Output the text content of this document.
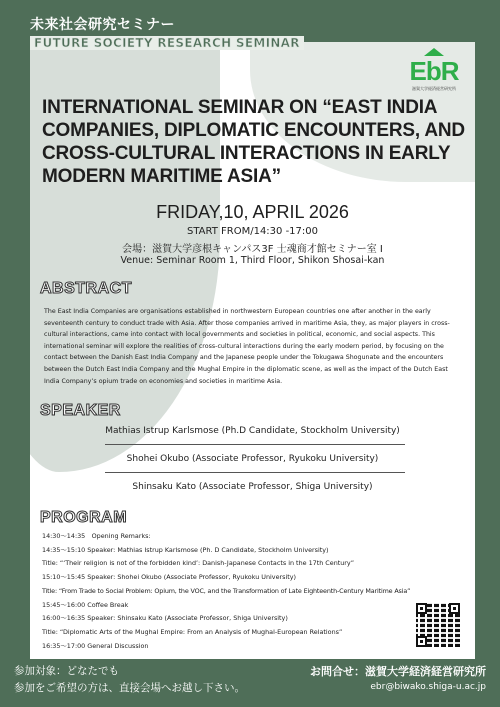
未来社会研究セミナー
FUTURE SOCIETY RESEARCH SEMINAR
EbR
滋賀大学経済経営研究所
INTERNATIONAL SEMINAR ON “EAST INDIA COMPANIES, DIPLOMATIC ENCOUNTERS, AND CROSS-CULTURAL INTERACTIONS IN EARLY MODERN MARITIME ASIA”
FRIDAY,10, APRIL 2026
START FROM/14:30 -17:00
会場：滋賀大学彦根キャンパス3F 士魂商才館セミナー室 I
Venue: Seminar Room 1, Third Floor, Shikon Shosai-kan
ABSTRACT
The East India Companies are organisations established in northwestern European countries one after another in the early seventeenth century to conduct trade with Asia. After those companies arrived in maritime Asia, they, as major players in cross-cultural interactions, came into contact with local governments and societies in political, economic, and social aspects. This international seminar will explore the realities of cross-cultural interactions during the early modern period, by focusing on the contact between the Danish East India Company and the Japanese people under the Tokugawa Shogunate and the encounters between the Dutch East India Company and the Mughal Empire in the diplomatic scene, as well as the impact of the Dutch East India Company’s opium trade on economies and societies in maritime Asia.
SPEAKER
Mathias Istrup Karlsmose (Ph.D Candidate, Stockholm University)
Shohei Okubo (Associate Professor, Ryukoku University)
Shinsaku Kato (Associate Professor, Shiga University)
PROGRAM
14:30～14:35　Opening Remarks:
14:35～15:10 Speaker: Mathias Istrup Karlsmose (Ph. D Candidate, Stockholm University)
Title: “‘Their religion is not of the forbidden kind’: Danish-Japanese Contacts in the 17th Century”
15:10～15:45 Speaker: Shohei Okubo (Associate Professor, Ryukoku University)
Title: “From Trade to Social Problem: Opium, the VOC, and the Transformation of Late Eighteenth-Century Maritime Asia”
15:45～16:00 Coffee Break
16:00～16:35 Speaker: Shinsaku Kato (Associate Professor, Shiga University)
Title: “Diplomatic Arts of the Mughal Empire: From an Analysis of Mughal-European Relations”
16:35～17:00 General Discussion
参加対象：どなたでも
参加をご希望の方は、直接会場へお越し下さい。
お問合せ：滋賀大学経済経営研究所
ebr@biwako.shiga-u.ac.jp
